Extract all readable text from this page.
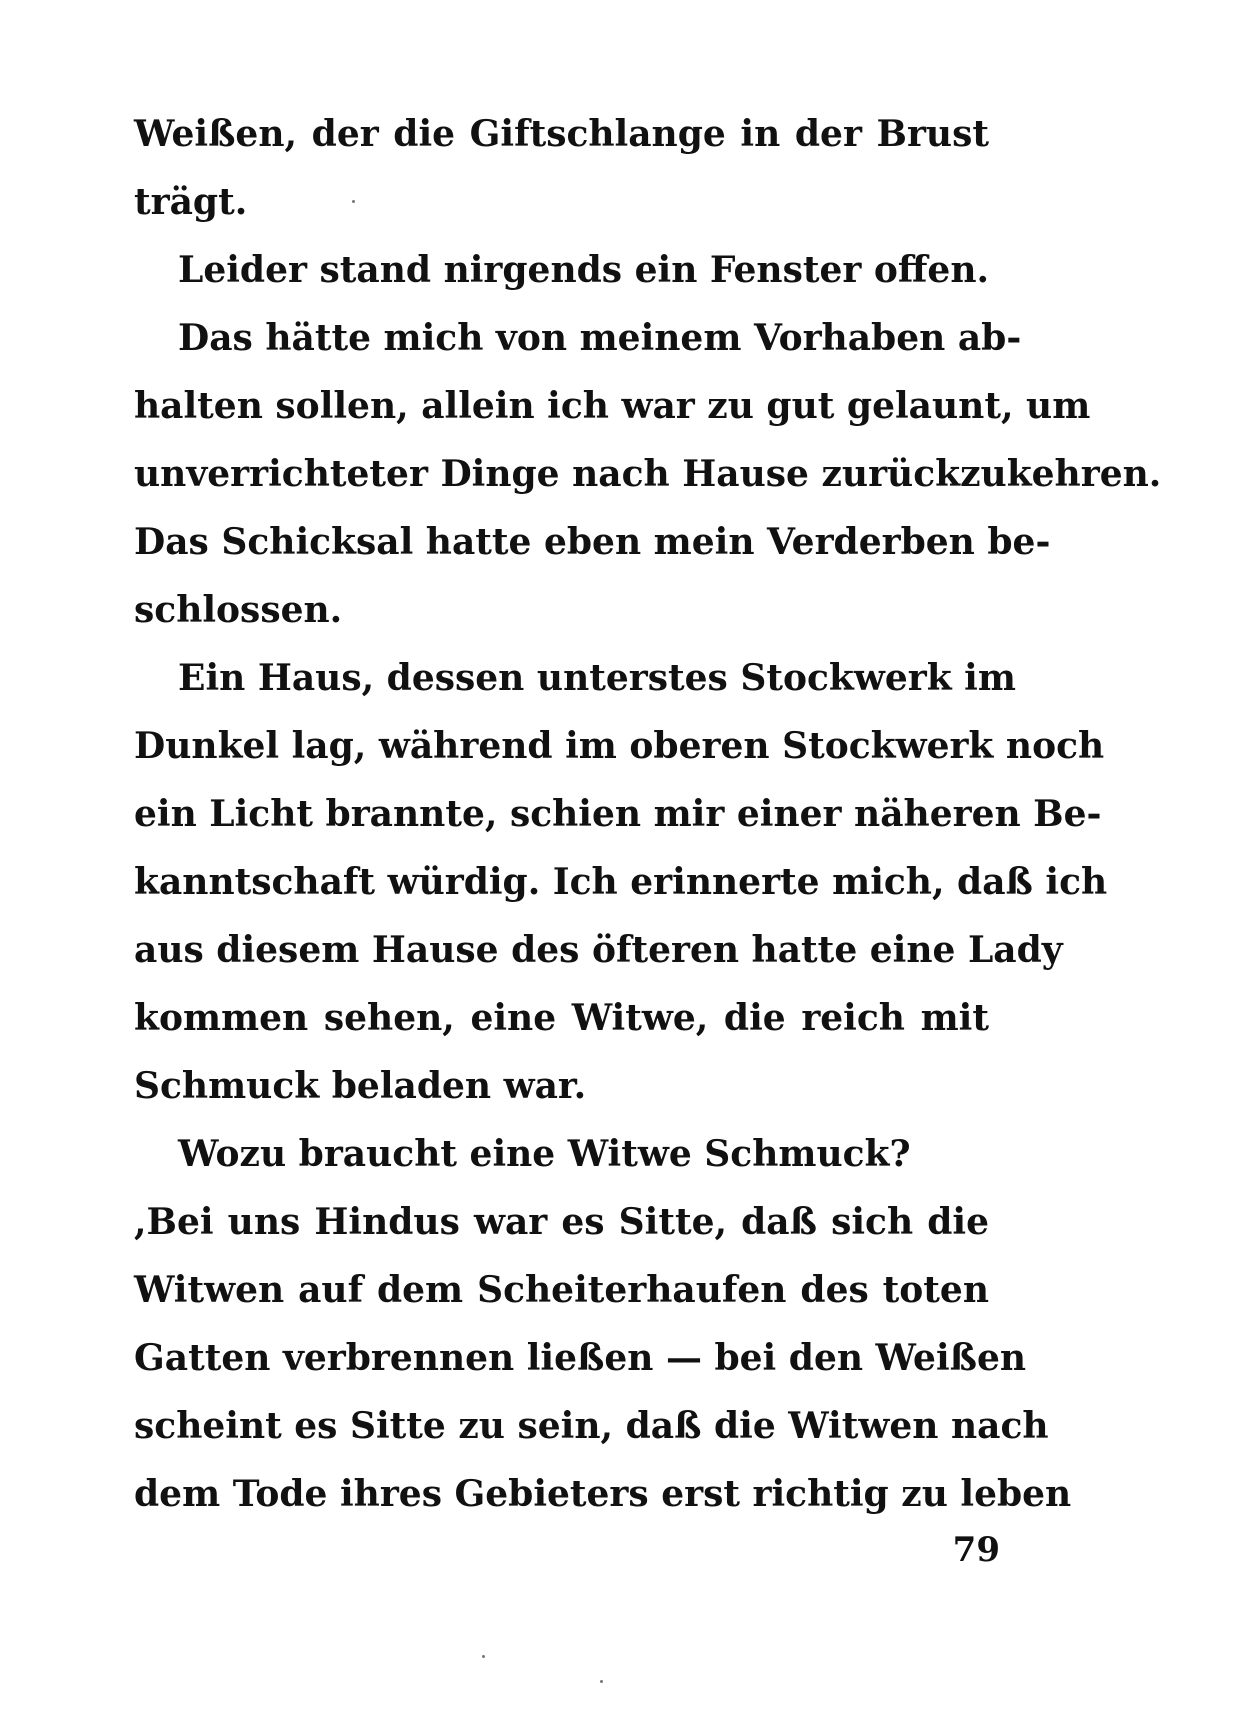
Weißen, der die Giftschlange in der Brust
trägt.
Leider stand nirgends ein Fenster offen.
Das hätte mich von meinem Vorhaben ab-
halten sollen, allein ich war zu gut gelaunt, um
unverrichteter Dinge nach Hause zurückzukehren.
Das Schicksal hatte eben mein Verderben be-
schlossen.
Ein Haus, dessen unterstes Stockwerk im
Dunkel lag, während im oberen Stockwerk noch
ein Licht brannte, schien mir einer näheren Be-
kanntschaft würdig. Ich erinnerte mich, daß ich
aus diesem Hause des öfteren hatte eine Lady
kommen sehen, eine Witwe, die reich mit
Schmuck beladen war.
Wozu braucht eine Witwe Schmuck?
,Bei uns Hindus war es Sitte, daß sich die
Witwen auf dem Scheiterhaufen des toten
Gatten verbrennen ließen — bei den Weißen
scheint es Sitte zu sein, daß die Witwen nach
dem Tode ihres Gebieters erst richtig zu leben
79
